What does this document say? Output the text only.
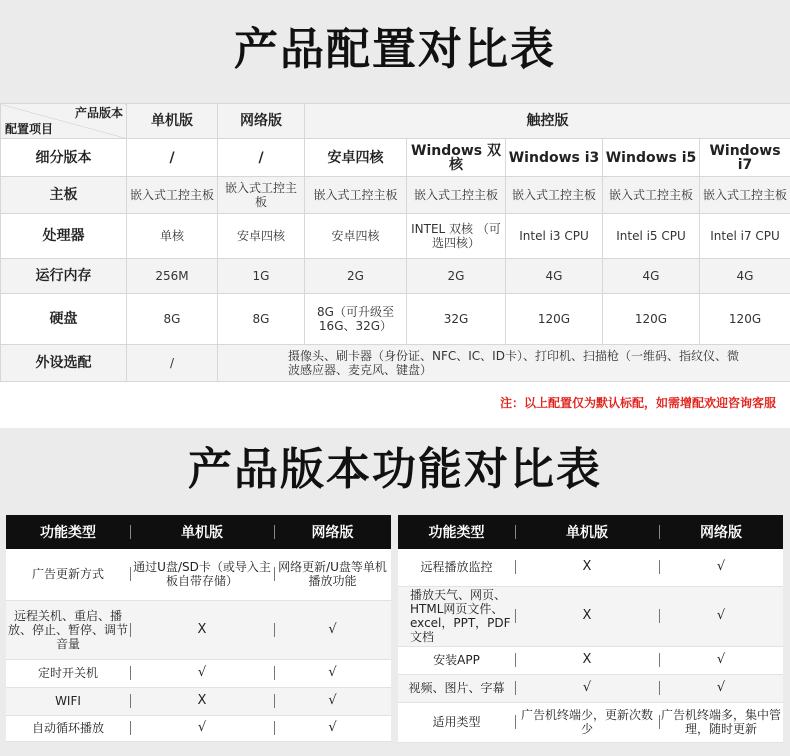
产品配置对比表
产品版本
配置项目	单机版	网络版	触控版				
细分版本	/	/	安卓四核	Windows 双核	Windows i3	Windows i5	Windows i7
主板	嵌入式工控主板	嵌入式工控主板	嵌入式工控主板	嵌入式工控主板	嵌入式工控主板	嵌入式工控主板	嵌入式工控主板
处理器	单核	安卓四核	安卓四核	INTEL 双核 （可选四核）	Intel i3 CPU	Intel i5 CPU	Intel i7 CPU
运行内存	256M	1G	2G	2G	4G	4G	4G
硬盘	8G	8G	8G（可升级至16G、32G）	32G	120G	120G	120G
外设选配	/	摄像头、刷卡器（身份证、NFC、IC、ID卡）、打印机、扫描枪（一维码、指纹仪、微波感应器、麦克风、键盘）					
注：以上配置仅为默认标配，如需增配欢迎咨询客服
产品版本功能对比表
功能类型	单机版	网络版
广告更新方式	通过U盘/SD卡（或导入主板自带存储）	网络更新/U盘等单机播放功能
远程关机、重启、播放、停止、暂停、调节音量	X	√
定时开关机	√	√
WIFI	X	√
自动循环播放	√	√
功能类型	单机版	网络版
远程播放监控	X	√
播放天气、网页、HTML网页文件、excel，PPT，PDF文档	X	√
安装APP	X	√
视频、图片、字幕	√	√
适用类型	广告机终端少，更新次数少	广告机终端多，集中管理，随时更新
